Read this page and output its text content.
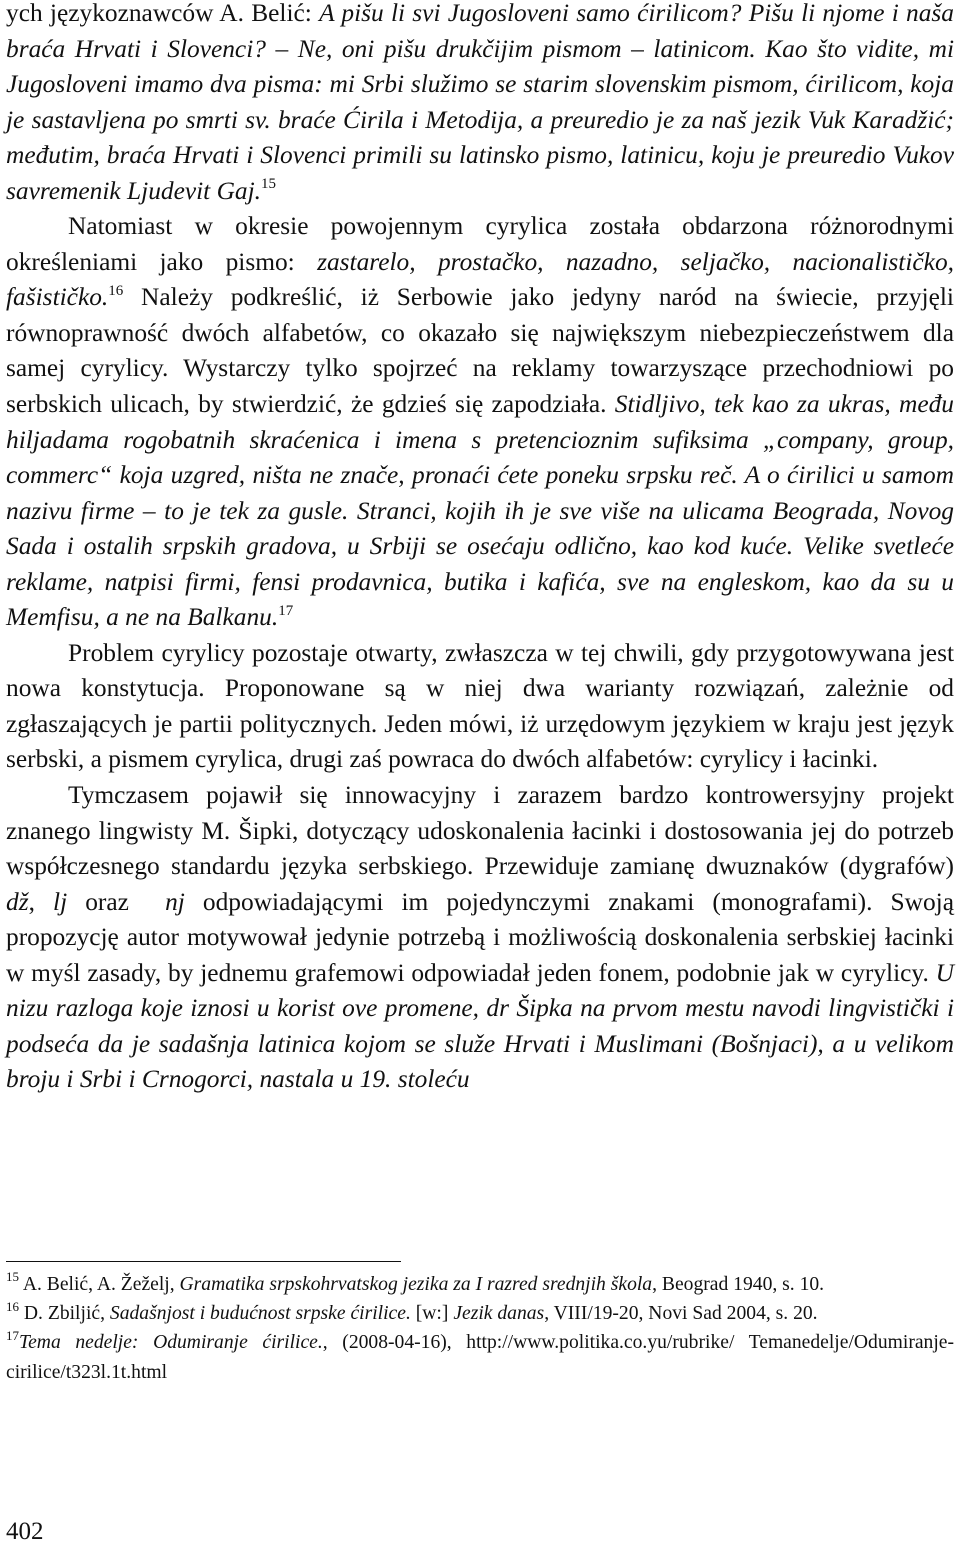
ych językoznawców A. Belić: A pišu li svi Jugosloveni samo ćirilicom? Pišu li njome i naša braća Hrvati i Slovenci? – Ne, oni pišu drukčijim pismom – latinicom. Kao što vidite, mi Jugosloveni imamo dva pisma: mi Srbi služimo se starim slovenskim pismom, ćirilicom, koja je sastavljena po smrti sv. braće Ćirila i Metodija, a preuredio je za naš jezik Vuk Karadžić; međutim, braća Hrvati i Slovenci primili su latinsko pismo, latinicu, koju je preuredio Vukov savremenik Ljudevit Gaj.$^{15}$

Natomiast w okresie powojennym cyrylica została obdarzona różnorodnymi określeniami jako pismo: zastarelo, prostačko, nazadno, seljačko, nacionalističko, fašističko.$^{16}$ Należy podkreślić, iż Serbowie jako jedyny naród na świecie, przyjęli równoprawność dwóch alfabetów, co okazało się największym niebezpieczeństwem dla samej cyrylicy. Wystarczy tylko spojrzeć na reklamy towarzyszące przechodniowi po serbskich ulicach, by stwierdzić, że gdzieś się zapodziała. Stidljivo, tek kao za ukras, među hiljadama rogobatnih skraćenica i imena s pretencioznim sufiksima „company, group, commerc“ koja uzgred, ništa ne znače, pronaći ćete poneku srpsku reč. A o ćirilici u samom nazivu firme – to je tek za gusle. Stranci, kojih ih je sve više na ulicama Beograda, Novog Sada i ostalih srpskih gradova, u Srbiji se osećaju odlično, kao kod kuće. Velike svetleće reklame, natpisi firmi, fensi prodavnica, butika i kafića, sve na engleskom, kao da su u Memfisu, a ne na Balkanu.$^{17}$

Problem cyrylicy pozostaje otwarty, zwłaszcza w tej chwili, gdy przygotowywana jest nowa konstytucja. Proponowane są w niej dwa warianty rozwiązań, zależnie od zgłaszających je partii politycznych. Jeden mówi, iż urzędowym językiem w kraju jest język serbski, a pismem cyrylica, drugi zaś powraca do dwóch alfabetów: cyrylicy i łacinki.

Tymczasem pojawił się innowacyjny i zarazem bardzo kontrowersyjny projekt znanego lingwisty M. Šipki, dotyczący udoskonalenia łacinki i dostosowania jej do potrzeb współczesnego standardu języka serbskiego. Przewiduje zamianę dwuznaków (dygrafów) dž, lj oraz  nj odpowiadającymi im pojedynczymi znakami (monografami). Swoją propozycję autor motywował jedynie potrzebą i możliwością doskonalenia serbskiej łacinki w myśl zasady, by jednemu grafemowi odpowiadał jeden fonem, podobnie jak w cyrylicy. U nizu razloga koje iznosi u korist ove promene, dr Šipka na prvom mestu navodi lingvistički i podseća da je sadašnja latinica kojom se služe Hrvati i Muslimani (Bošnjaci), a u velikom broju i Srbi i Crnogorci, nastala u 19. stoleću

$^{15}$ A. Belić, A. Žeželj, Gramatika srpskohrvatskog jezika za I razred srednjih škola, Beograd 1940, s. 10.

$^{16}$ D. Zbiljić, Sadašnjost i budućnost srpske ćirilice. [w:] Jezik danas, VIII/19-20, Novi Sad 2004, s. 20.

$^{17}$Tema nedelje: Odumiranje ćirilice., (2008-04-16), http://www.politika.co.yu/rubrike/ Temanedelje/Odumiranje-cirilice/t323l.1t.html

402
